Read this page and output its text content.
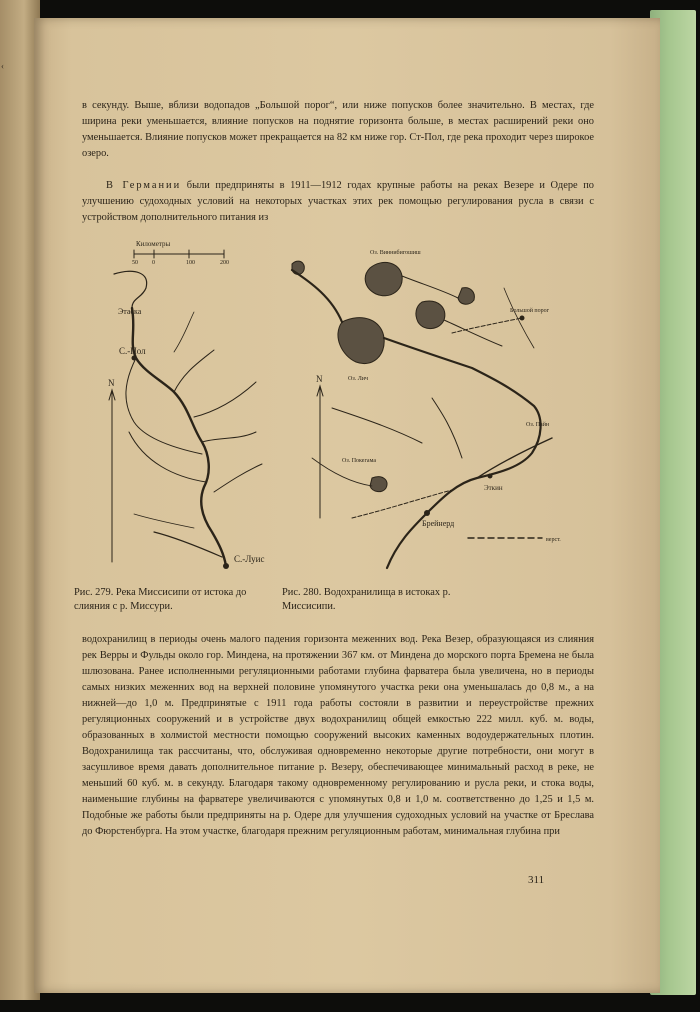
‹

в секунду. Выше, вблизи водопадов „Большой порог“, или ниже попусков более значительно. В местах, где ширина реки уменьшается, влияние попусков на поднятие горизонта больше, в местах расширений реки оно уменьшается. Влияние попусков может прекращается на 82 км ниже гор. Ст-Пол, где река проходит через широкое озеро.

В Германии были предприняты в 1911—1912 годах крупные работы на реках Везере и Одере по улучшению судоходных условий на некоторых участках этих рек помощью регулирования русла в связи с устройством дополнительного питания из

Километры
50 0	100	200
N
Этаска
С.-Пол
С.-Луис
N
Оз. Виннибигошиш
Оз. Лич
Оз. Пайн
Оз. Покегама
Большой порог
Брейнерд
Эткин
верст.

Рис. 279. Река Миссисипи от истока до слияния с р. Миссури.

Рис. 280. Водохранилища в истоках р. Миссисипи.

водохранилищ в периоды очень малого падения горизонта меженних вод. Река Везер, образующаяся из слияния рек Верры и Фульды около гор. Миндена, на протяжении 367 км. от Миндена до морского порта Бремена не была шлюзована. Ранее исполненными регуляционными работами глубина фарватера была увеличена, но в периоды самых низких меженних вод на верхней половине упомянутого участка реки она уменьшалась до 0,8 м., а на нижней—до 1,0 м. Предпринятые с 1911 года работы состояли в развитии и переустройстве прежних регуляционных сооружений и в устройстве двух водохранилищ общей емкостью 222 милл. куб. м. воды, образованных в холмистой местности помощью сооружений высоких каменных водоудержательных плотин. Водохранилища так рассчитаны, что, обслуживая одновременно некоторые другие потребности, они могут в засушливое время давать дополнительное питание р. Везеру, обеспечивающее минимальный расход в реке, не меньший 60 куб. м. в секунду. Благодаря такому одновременному регулированию и русла реки, и стока воды, наименьшие глубины на фарватере увеличиваются с упомянутых 0,8 и 1,0 м. соответственно до 1,25 и 1,5 м. Подобные же работы были предприняты на р. Одере для улучшения судоходных условий на участке от Бреслава до Фюрстенбурга. На этом участке, благодаря прежним регуляционным работам, минимальная глубина при

311
